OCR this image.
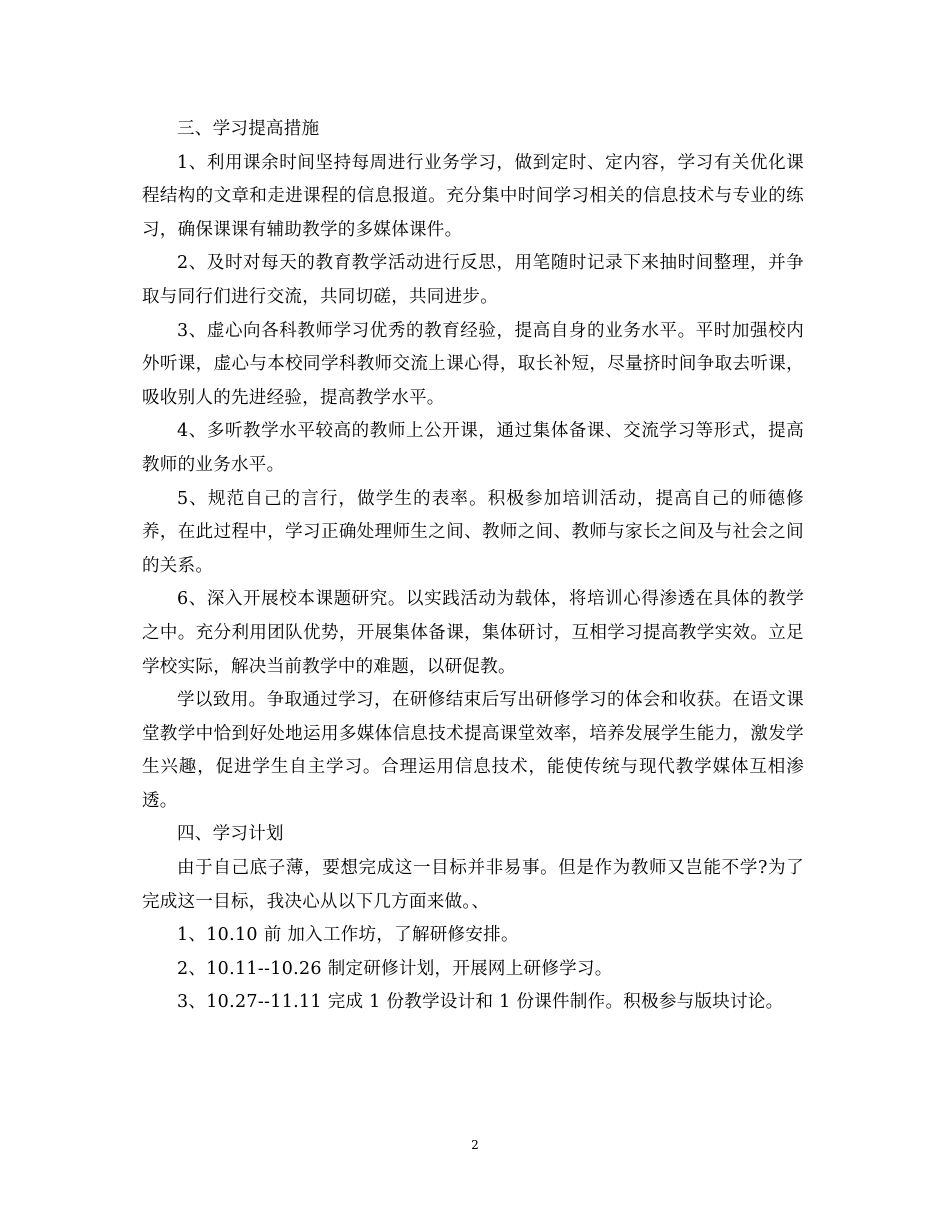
三、学习提高措施

1、利用课余时间坚持每周进行业务学习，做到定时、定内容，学习有关优化课程结构的文章和走进课程的信息报道。充分集中时间学习相关的信息技术与专业的练习，确保课课有辅助教学的多媒体课件。

2、及时对每天的教育教学活动进行反思，用笔随时记录下来抽时间整理，并争取与同行们进行交流，共同切磋，共同进步。

3、虚心向各科教师学习优秀的教育经验，提高自身的业务水平。平时加强校内外听课，虚心与本校同学科教师交流上课心得，取长补短，尽量挤时间争取去听课，吸收别人的先进经验，提高教学水平。

4、多听教学水平较高的教师上公开课，通过集体备课、交流学习等形式，提高教师的业务水平。

5、规范自己的言行，做学生的表率。积极参加培训活动，提高自己的师德修养，在此过程中，学习正确处理师生之间、教师之间、教师与家长之间及与社会之间的关系。

6、深入开展校本课题研究。以实践活动为载体，将培训心得渗透在具体的教学之中。充分利用团队优势，开展集体备课，集体研讨，互相学习提高教学实效。立足学校实际，解决当前教学中的难题，以研促教。

学以致用。争取通过学习，在研修结束后写出研修学习的体会和收获。在语文课堂教学中恰到好处地运用多媒体信息技术提高课堂效率，培养发展学生能力，激发学生兴趣，促进学生自主学习。合理运用信息技术，能使传统与现代教学媒体互相渗透。

四、学习计划

由于自己底子薄，要想完成这一目标并非易事。但是作为教师又岂能不学?为了完成这一目标，我决心从以下几方面来做。、

1、10.10 前 加入工作坊，了解研修安排。

2、10.11--10.26 制定研修计划，开展网上研修学习。

3、10.27--11.11 完成 1 份教学设计和 1 份课件制作。积极参与版块讨论。

2
